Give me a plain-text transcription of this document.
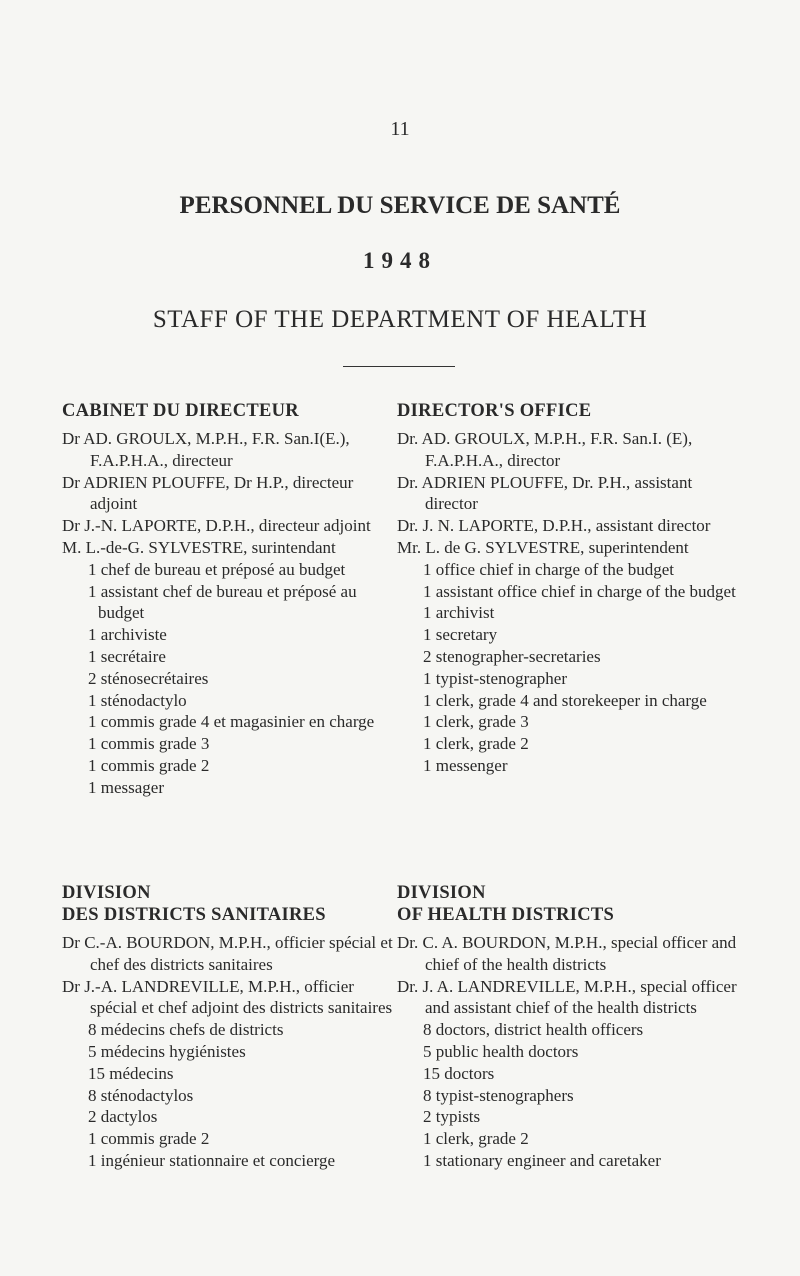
11
PERSONNEL DU SERVICE DE SANTÉ
1948
STAFF OF THE DEPARTMENT OF HEALTH
CABINET DU DIRECTEUR
Dr AD. GROULX, M.P.H., F.R. San.I(E.), F.A.P.H.A., directeur
Dr ADRIEN PLOUFFE, Dr H.P., directeur adjoint
Dr J.-N. LAPORTE, D.P.H., directeur adjoint
M. L.-de-G. SYLVESTRE, surintendant
1 chef de bureau et préposé au budget
1 assistant chef de bureau et préposé au budget
1 archiviste
1 secrétaire
2 sténosecrétaires
1 sténodactylo
1 commis grade 4 et magasinier en charge
1 commis grade 3
1 commis grade 2
1 messager
DIRECTOR'S OFFICE
Dr. AD. GROULX, M.P.H., F.R. San.I. (E), F.A.P.H.A., director
Dr. ADRIEN PLOUFFE, Dr. P.H., assistant director
Dr. J. N. LAPORTE, D.P.H., assistant director
Mr. L. de G. SYLVESTRE, superintendent
1 office chief in charge of the budget
1 assistant office chief in charge of the budget
1 archivist
1 secretary
2 stenographer-secretaries
1 typist-stenographer
1 clerk, grade 4 and storekeeper in charge
1 clerk, grade 3
1 clerk, grade 2
1 messenger
DIVISION
DES DISTRICTS SANITAIRES
Dr C.-A. BOURDON, M.P.H., officier spécial et chef des districts sanitaires
Dr J.-A. LANDREVILLE, M.P.H., officier spécial et chef adjoint des districts sanitaires
8 médecins chefs de districts
5 médecins hygiénistes
15 médecins
8 sténodactylos
2 dactylos
1 commis grade 2
1 ingénieur stationnaire et concierge
DIVISION
OF HEALTH DISTRICTS
Dr. C. A. BOURDON, M.P.H., special officer and chief of the health districts
Dr. J. A. LANDREVILLE, M.P.H., special officer and assistant chief of the health districts
8 doctors, district health officers
5 public health doctors
15 doctors
8 typist-stenographers
2 typists
1 clerk, grade 2
1 stationary engineer and caretaker
